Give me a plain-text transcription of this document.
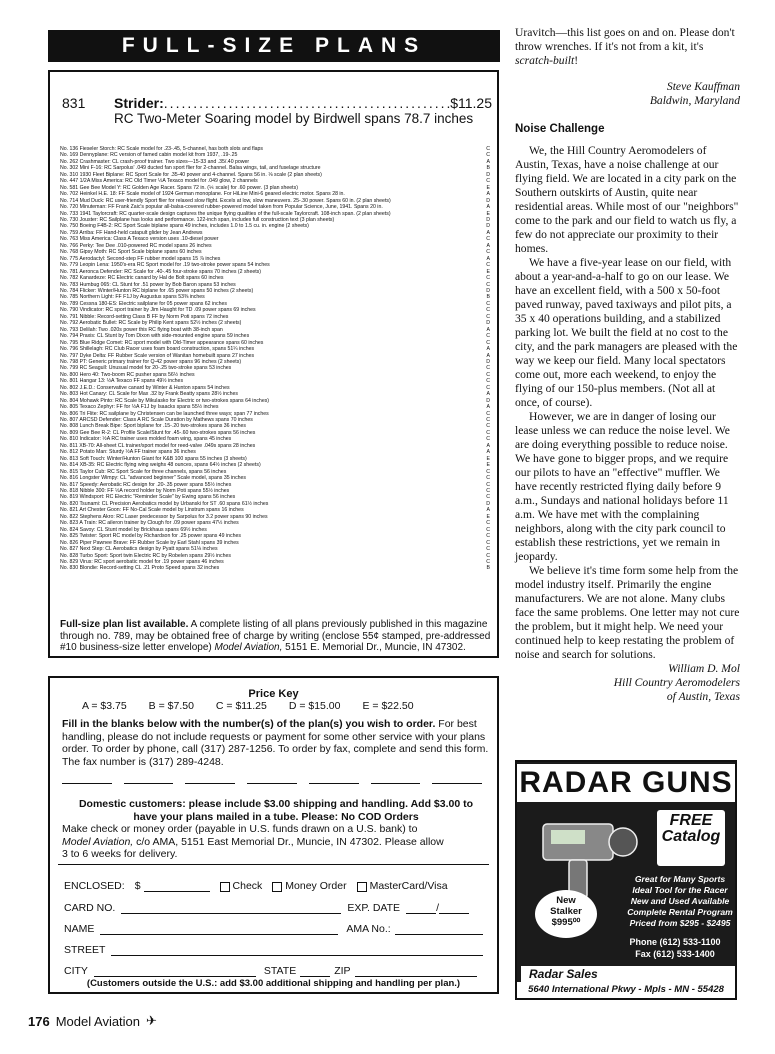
FULL-SIZE PLANS
831	Strider:
.....	$11.25
RC Two-Meter Soaring model by Birdwell spans 78.7 inches
No. 136 Fieseler Storch: RC Scale model for .23-.45, 5-channel, has both slots and flaps	C
No. 169 Dennyplane: RC version of famed cabin model kit from 1937, .19-.25	C
No. 262 Crashmaster: CL crash-proof trainer. Two sizes—15-33 and .35/.40 power	A
No. 302 Mini F-16: RC Sarpolus' .049 ducted fan sport flier for 2-channel. Balsa wings, tail, and fuselage structure	B
No. 310 1930 Fleet Biplane: RC Sport Scale for .35-40 power and 4-channel. Spans 56 in. ⅛ scale (2 plan sheets)	D
No. 447 1/2A Miss America: RC Old Timer ½A Texaco model for .049 glow, 2 channels	C
No. 581 Gee Bee Model Y: RC Golden Age Racer. Spans 72 in. (⅙ scale) for .60 power. (3 plan sheets)	E
No. 702 Heinkel H.E. 18: FF Scale model of 1924 German monoplane. For HiLine Mini-6 geared electric motor. Spans 28 in.	A
No. 714 Mud Duck: RC user-friendly Sport flier for relaxed slow flight. Excels at low, slow maneuvers. 25-.30 power. Spans 60 in. (2 plan sheets)	D
No. 720 Minuteman: FF Frank Zaic's popular all-balsa-covered rubber-powered model taken from Popular Science, June, 1941. Spans 20 in.	A
No. 733 1941 Taylorcraft: RC quarter-scale design captures the unique flying qualities of the full-scale Taylorcraft. 108-inch span. (2 plan sheets)	E
No. 730 Jouster: RC Sailplane has looks and performance. 122-inch span, includes full construction text (3 plan sheets)	D
No. 750 Boeing F4B-2: RC Sport Scale biplane spans 49 inches, includes 1.0 to 1.5 cu. in. engine (2 sheets)	D
No. 759 Arriba: FF Hand-held catapult glider by Jean Andrews	A
No. 763 Miss America: Class A Texaco version uses .10-diesel power	C
No. 766 Perky: Tee Dee .010-powered RC model spans 26 inches	A
No. 768 Gipsy Moth: RC Sport Scale biplane spans 60 inches	C
No. 775 Aerodactyl: Second-step FF rubber model spans 15 ⅞ inches	A
No. 779 Leopin Lena: 1950's-era RC Sport model for .19 two-stroke power spans 54 inches	C
No. 781 Aeronca Defender: RC Scale for .40-.45 four-stroke spans 70 inches (2 sheets)	E
No. 782 Kanardeze: RC Electric canard by Hal de Bolt spans 60 inches	C
No. 783 Humbug 065: CL Stunt for .51 power by Bob Baron spans 53 inches	C
No. 784 Flicker: Winter/Hunton RC biplane for .65 power spans 50 inches (2 sheets)	D
No. 785 Northern Light: FF F1J by Augustus spans 53⅜ inches	B
No. 789 Cessna 180-ES: Electric sailplane for 05 power spans 62 inches	C
No. 790 Vindicator: RC sport trainer by Jim Haught for TD .09 power spans 69 inches	C
No. 791 Nibble: Record-setting Class B FF by Norm Poti spans 72 inches	C
No. 792 Aerobatic Bullet: RC Scale by Philip Kent spans 52½ inches (2 sheets)	D
No. 793 Delilah: Two .020s power this RC flying boat with 38-inch span	A
No. 794 Praxis: CL Stunt by Tom Dixon with side-mounted engine spans 59 inches	C
No. 795 Blue Ridge Comet: RC sport model with Old-Timer appearance spans 60 inches	C
No. 796 Shillelagh: RC Club Racer uses foam board construction, spans 51¼ inches	A
No. 797 Dyke Delta: FF Rubber Scale version of Wanitan homebuilt spans 27 inches	A
No. 798 PT: Generic primary trainer for Q-42 power spans 96 inches (2 sheets)	D
No. 799 RC Seagull: Unusual model for 20-.25 two-stroke spans 53 inches	C
No. 800 Hero 40: Two-boom RC pusher spans 56½ inches	C
No. 801 Hangar 13: ½A Texaco FF spans 49½ inches	C
No. 802 J.E.D.: Conservative canard by Winter & Hunton spans 54 inches	C
No. 803 Hot Canary: CL Scale for Max .32 by Frank Beatty spans 28½ inches	A
No. 804 Mohawk Pinto: RC Scale by Mikulasko for Electric or two-strokes spans 64 inches)	D
No. 805 Texaco Zephyr: FF for ½A F1J by Isaacks spans 55½ inches	A
No. 806 Tri Flite: RC sailplane by Christensen can be launched three ways; span 77 inches	C
No. 807 ARCSD Defender: Class A RC Scale Duration by Mathews spans 70 inches	C
No. 808 Lunch Break Bipe: Sport biplane for .15-.20 two-strokes spans 36 inches	C
No. 809 Gee Bee R-2: CL Profile Scale/Stunt for .45-.60 two-strokes spans 56 inches	C
No. 810 Indicator: ½A RC trainer uses molded foam wing, spans 45 inches	C
No. 811 XB-70: All-sheet CL trainer/sport model for reed-valve .049s spans 28 inches	A
No. 812 Potato Man: Sturdy ½A FF trainer spans 36 inches	A
No. 813 Soft Touch: Winter/Hunton Giant for K&B 100 spans 55 inches (3 sheets)	E
No. 814 XB-35: RC Electric flying wing weighs 48 ounces, spans 64½ inches (2 sheets)	E
No. 815 Taylor Cub: RC Sport Scale for three channels, spans 56 inches	C
No. 816 Longster Wimpy: CL "advanced beginner" Scale model, spans 35 inches	C
No. 817 Speedy: Aerobatic RC design for .20-.35 power spans 55½ inches	C
No. 818 Nibble 300: FF ½A record holder by Norm Poti spans 55½ inches	C
No. 819 Windsport: RC Electric "Reminder Scale" by Ewing spans 56 inches	C
No. 820 Tsunami: CL Precision Aerobatics model by Urbanski for ST .60 spans 61½ inches	D
No. 821 Art Chester Goon: FF No-Cal Scale model by Linstrum spans 16 inches	A
No. 822 Stephens Akro: RC Laser predecessor by Sarpolus for 3.2 power spans 90 inches	E
No. 823 A Train: RC aileron trainer by Clough for .09 power spans 47½ inches	C
No. 824 Savoy: CL Stunt model by Brickhaus spans 69½ inches	C
No. 825 Twister: Sport RC model by Richardson for .25 power spans 49 inches	C
No. 826 Piper Pawnee Brave: FF Rubber Scale by Earl Stahl spans 39 inches	C
No. 827 Next Step: CL Aerobatics design by Pyatt spans 51⅛ inches	C
No. 828 Turbo Sport: Sport twin Electric RC by Robelen spans 29½ inches	C
No. 829 Virus: RC sport aerobatic model for .19 power spans 46 inches	C
No. 830 Blondie: Record-setting CL .21 Proto Speed spans 32 inches	B
Full-size plan list available. A complete listing of all plans previously published in this magazine through no. 789, may be obtained free of charge by writing (enclose 55¢ stamped, pre-addressed #10 business-size letter envelope) Model Aviation, 5151 E. Memorial Dr., Muncie, IN 47302.
Price Key
A = $3.75 B = $7.50 C = $11.25 D = $15.00 E = $22.50
Fill in the blanks below with the number(s) of the plan(s) you wish to order. For best handling, please do not include requests or payment for some other service with your plans order. To order by phone, call (317) 287-1256. To order by fax, complete and send this form. The fax number is (317) 289-4248.
Domestic customers: please include $3.00 shipping and handling. Add $3.00 to
have your plans mailed in a tube. Please: No COD Orders
Make check or money order (payable in U.S. funds drawn on a U.S. bank) to
Model Aviation, c/o AMA, 5151 East Memorial Dr., Muncie, IN 47302. Please allow
3 to 6 weeks for delivery.
ENCLOSED: $	Check Money Order MasterCard/Visa
CARD NO.	EXP. DATE	/
NAME	AMA No.:
STREET
CITY	STATE	ZIP
(Customers outside the U.S.: add $3.00 additional shipping and handling per plan.)
176 Model Aviation ✈

Uravitch—this list goes on and on. Please don't throw wrenches. If it's not from a kit, it's scratch-built!

Steve Kauffman

Baldwin, Maryland

Noise Challenge

We, the Hill Country Aeromodelers of Austin, Texas, have a noise challenge at our flying field. We are located in a city park on the Southern outskirts of Austin, quite near residential areas. While most of our "neighbors" come to the park and our field to watch us fly, a few do not appreciate our proximity to their homes.

We have a five-year lease on our field, with about a year-and-a-half to go on our lease. We have an excellent field, with a 500 x 50-foot paved runway, paved taxiways and pilot pits, a 35 x 40 operations building, and a stabilized parking lot. We built the field at no cost to the city, and the park managers are pleased with the way we keep our field. Many local spectators come out, more each weekend, to enjoy the flying of our 150-plus members. (Not all at once, of course).

However, we are in danger of losing our lease unless we can reduce the noise level. We are doing everything possible to reduce noise. We have gone to bigger props, and we require our pilots to have an "effective" muffler. We have recently restricted flying daily before 9 a.m., Sundays and national holidays before 11 a.m. We have met with the complaining neighbors, along with the city park council to establish these restrictions, yet we remain in jeopardy.

We believe it's time form some help from the model industry itself. Primarily the engine manufacturers. We are not alone. Many clubs face the same problems. One letter may not cure the problem, but it might help. We need your continued help to keep restating the problem of noise and search for solutions.

William D. Mol

Hill Country Aeromodelers

of Austin, Texas

RADAR GUNS
FREE
Catalog
Great for Many Sports
Ideal Tool for the Racer
New and Used Available
Complete Rental Program
Priced from $295 - $2495
New
Stalker
$995⁰⁰
Phone (612) 533-1100
Fax (612) 533-1400
Radar Sales
5640 International Pkwy - Mpls - MN - 55428
